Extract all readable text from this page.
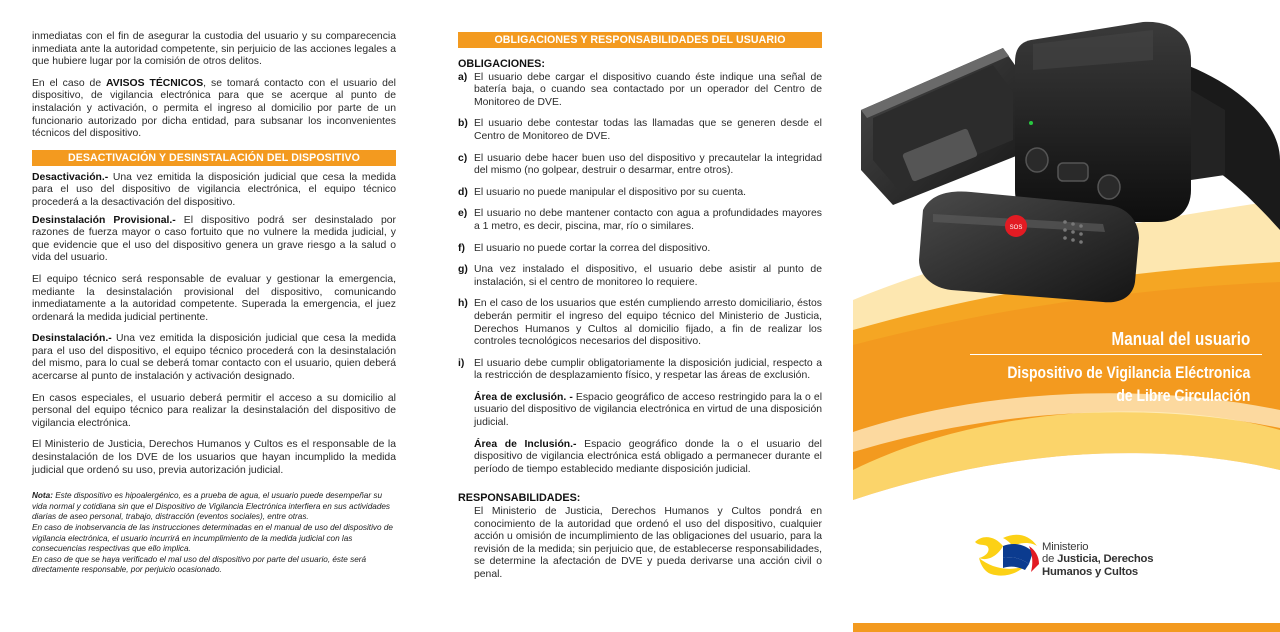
inmediatas con el fin de asegurar la custodia del usuario y su comparecencia inmediata ante la autoridad competente, sin perjuicio de las acciones legales a que hubiere lugar por la comisión de otros delitos.

En el caso de AVISOS TÉCNICOS, se tomará contacto con el usuario del dispositivo, de vigilancia electrónica para que se acerque al punto de instalación y activación, o permita el ingreso al domicilio por parte de un funcionario autorizado por dicha entidad, para subsanar los inconvenientes técnicos del dispositivo.

DESACTIVACIÓN Y DESINSTALACIÓN DEL DISPOSITIVO

Desactivación.- Una vez emitida la disposición judicial que cesa la medida para el uso del dispositivo de vigilancia electrónica, el equipo técnico procederá a la desactivación del dispositivo.

Desinstalación Provisional.- El dispositivo podrá ser desinstalado por razones de fuerza mayor o caso fortuito que no vulnere la medida judicial, y que evidencie que el uso del dispositivo genera un grave riesgo a la salud o vida del usuario.

El equipo técnico será responsable de evaluar y gestionar la emergencia, mediante la desinstalación provisional del dispositivo, comunicando inmediatamente a la autoridad competente. Superada la emergencia, el juez ordenará la medida judicial pertinente.

Desinstalación.- Una vez emitida la disposición judicial que cesa la medida para el uso del dispositivo, el equipo técnico procederá con la desinstalación del mismo, para lo cual se deberá tomar contacto con el usuario, quien deberá acercarse al punto de instalación y activación designado.

En casos especiales, el usuario deberá permitir el acceso a su domicilio al personal del equipo técnico para realizar la desinstalación del dispositivo de vigilancia electrónica.

El Ministerio de Justicia, Derechos Humanos y Cultos es el responsable de la desinstalación de los DVE de los usuarios que hayan incumplido la medida judicial que ordenó su uso, previa autorización judicial.

Nota: Este dispositivo es hipoalergénico, es a prueba de agua, el usuario puede desempeñar su vida normal y cotidiana sin que el Dispositivo de Vigilancia Electrónica interfiera en sus actividades diarias de aseo personal, trabajo, distracción (eventos sociales), entre otras.
En caso de inobservancia de las instrucciones determinadas en el manual de uso del dispositivo de vigilancia electrónica, el usuario incurrirá en incumplimiento de la medida judicial con las consecuencias respectivas que ello implica.
En caso de que se haya verificado el mal uso del dispositivo por parte del usuario, éste será directamente responsable, por perjuicio ocasionado.
OBLIGACIONES Y RESPONSABILIDADES DEL USUARIO
OBLIGACIONES:

a) El usuario debe cargar el dispositivo cuando éste indique una señal de batería baja, o cuando sea contactado por un operador del Centro de Monitoreo de DVE.

b) El usuario debe contestar todas las llamadas que se generen desde el Centro de Monitoreo de DVE.

c) El usuario debe hacer buen uso del dispositivo y precautelar la integridad del mismo (no golpear, destruir o desarmar, entre otros).

d) El usuario no puede manipular el dispositivo por su cuenta.

e) El usuario no debe mantener contacto con agua a profundidades mayores a 1 metro, es decir, piscina, mar, río o similares.

f) El usuario no puede cortar la correa del dispositivo.

g) Una vez instalado el dispositivo, el usuario debe asistir al punto de instalación, si el centro de monitoreo lo requiere.

h) En el caso de los usuarios que estén cumpliendo arresto domiciliario, éstos deberán permitir el ingreso del equipo técnico del Ministerio de Justicia, Derechos Humanos y Cultos al domicilio fijado, a fin de realizar los controles tecnológicos necesarios del dispositivo.

i) El usuario debe cumplir obligatoriamente la disposición judicial, respecto a la restricción de desplazamiento físico, y respetar las áreas de exclusión.

Área de exclusión. - Espacio geográfico de acceso restringido para la o el usuario del dispositivo de vigilancia electrónica en virtud de una disposición judicial.

Área de Inclusión.- Espacio geográfico donde la o el usuario del dispositivo de vigilancia electrónica está obligado a permanecer durante el período de tiempo establecido mediante disposición judicial.

RESPONSABILIDADES:

El Ministerio de Justicia, Derechos Humanos y Cultos pondrá en conocimiento de la autoridad que ordenó el uso del dispositivo, cualquier acción u omisión de incumplimiento de las obligaciones del usuario, para la revisión de la medida; sin perjuicio que, de establecerse responsabilidades, se determine la afectación de DVE y pueda derivarse una acción civil o penal.

SOS
Manual del usuario
Dispositivo de Vigilancia Eléctronica
de Libre Circulación
Ministerio
de Justicia, Derechos
Humanos y Cultos
